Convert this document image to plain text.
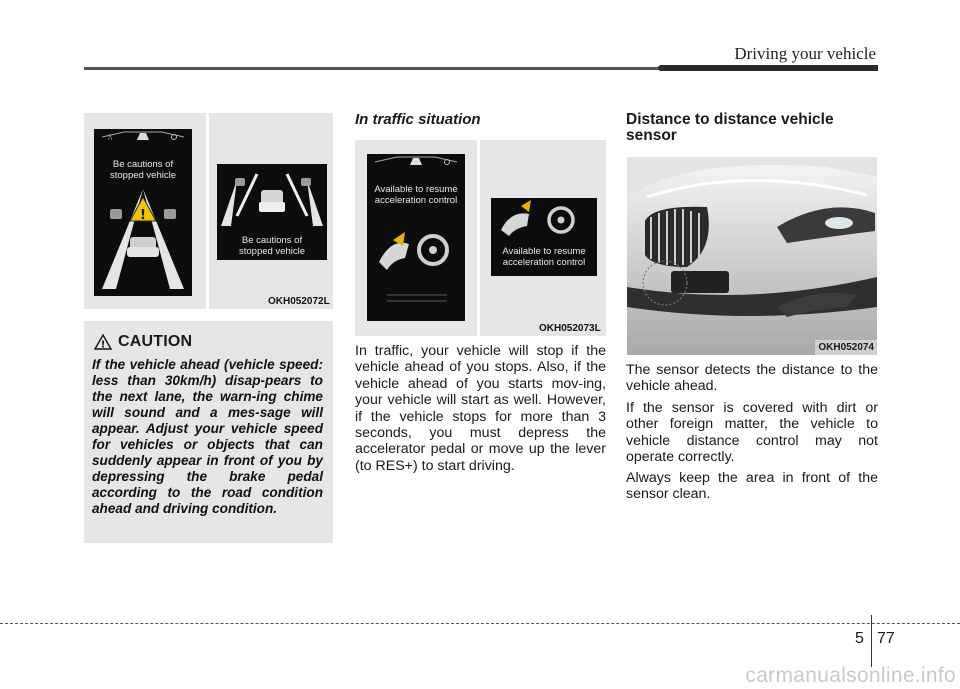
Driving your vehicle
/\
!
Be cautions of
stopped vehicle
Be cautions of
stopped vehicle
OKH052072L
! CAUTION
If the vehicle ahead (vehicle speed: less than 30km/h) disap-pears to the next lane, the warn-ing chime will sound and a mes-sage will appear. Adjust your vehicle speed for vehicles or objects that can suddenly appear in front of you by depressing the brake pedal according to the road condition ahead and driving condition.
In traffic situation
Available to resume
acceleration control
Available to resume
acceleration control
OKH052073L
In traffic, your vehicle will stop if the vehicle ahead of you stops. Also, if the vehicle ahead of you starts mov-ing, your vehicle will start as well. However, if the vehicle stops for more than 3 seconds, you must depress the accelerator pedal or move up the lever (to RES+) to start driving.
Distance to distance vehicle sensor
OKH052074
The sensor detects the distance to the vehicle ahead.
If the sensor is covered with dirt or other foreign matter, the vehicle to vehicle distance control may not operate correctly.
Always keep the area in front of the sensor clean.
5 77
carmanualsonline.info
